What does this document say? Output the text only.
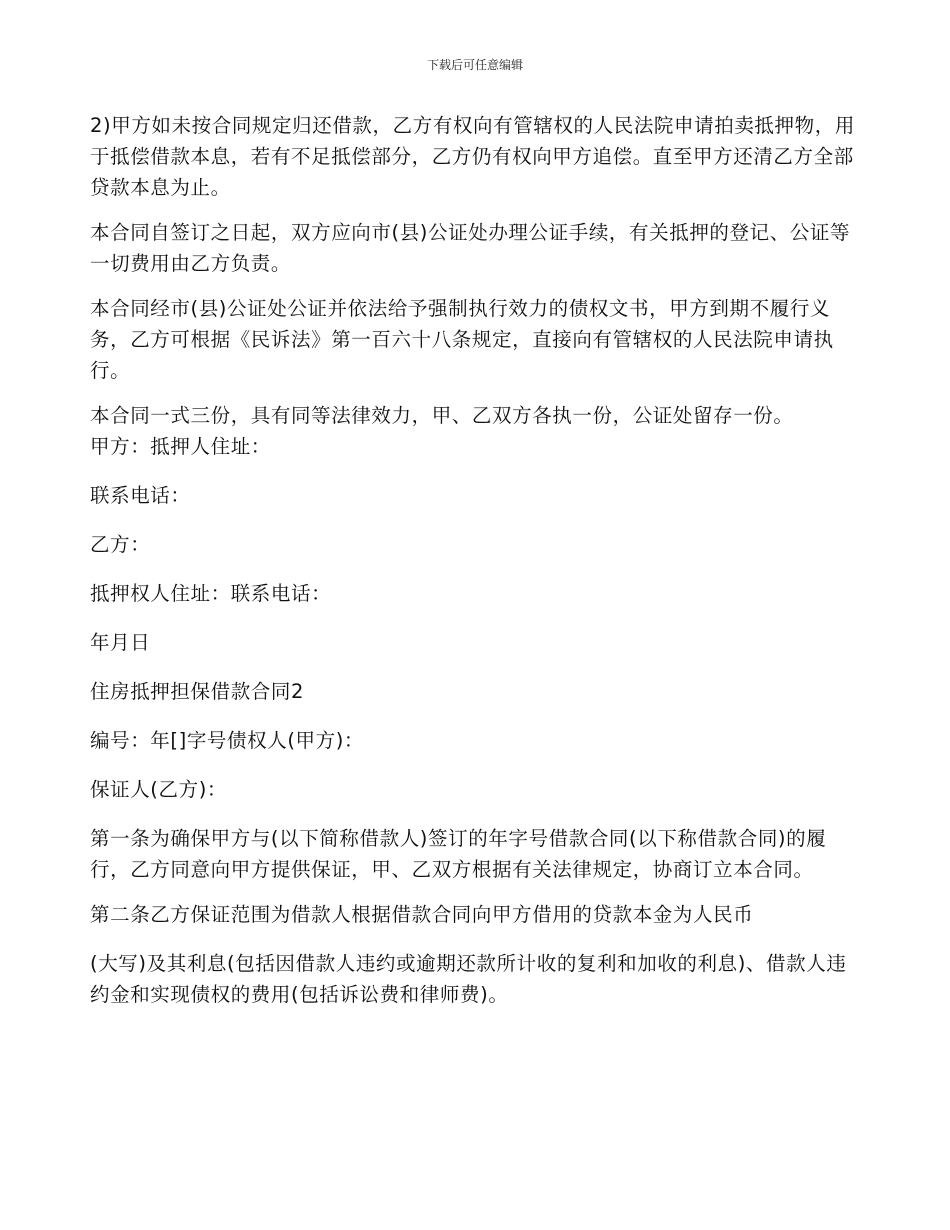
下载后可任意编辑

2)甲方如未按合同规定归还借款，乙方有权向有管辖权的人民法院申请拍卖抵押物，用于抵偿借款本息，若有不足抵偿部分，乙方仍有权向甲方追偿。直至甲方还清乙方全部贷款本息为止。

本合同自签订之日起，双方应向市(县)公证处办理公证手续，有关抵押的登记、公证等一切费用由乙方负责。

本合同经市(县)公证处公证并依法给予强制执行效力的债权文书，甲方到期不履行义务，乙方可根据《民诉法》第一百六十八条规定，直接向有管辖权的人民法院申请执行。

本合同一式三份，具有同等法律效力，甲、乙双方各执一份，公证处留存一份。

甲方：抵押人住址：

联系电话：

乙方：

抵押权人住址：联系电话：

年月日

住房抵押担保借款合同2

编号：年[]字号债权人(甲方)：

保证人(乙方)：

第一条为确保甲方与(以下简称借款人)签订的年字号借款合同(以下称借款合同)的履行，乙方同意向甲方提供保证，甲、乙双方根据有关法律规定，协商订立本合同。

第二条乙方保证范围为借款人根据借款合同向甲方借用的贷款本金为人民币

(大写)及其利息(包括因借款人违约或逾期还款所计收的复利和加收的利息)、借款人违约金和实现债权的费用(包括诉讼费和律师费)。
